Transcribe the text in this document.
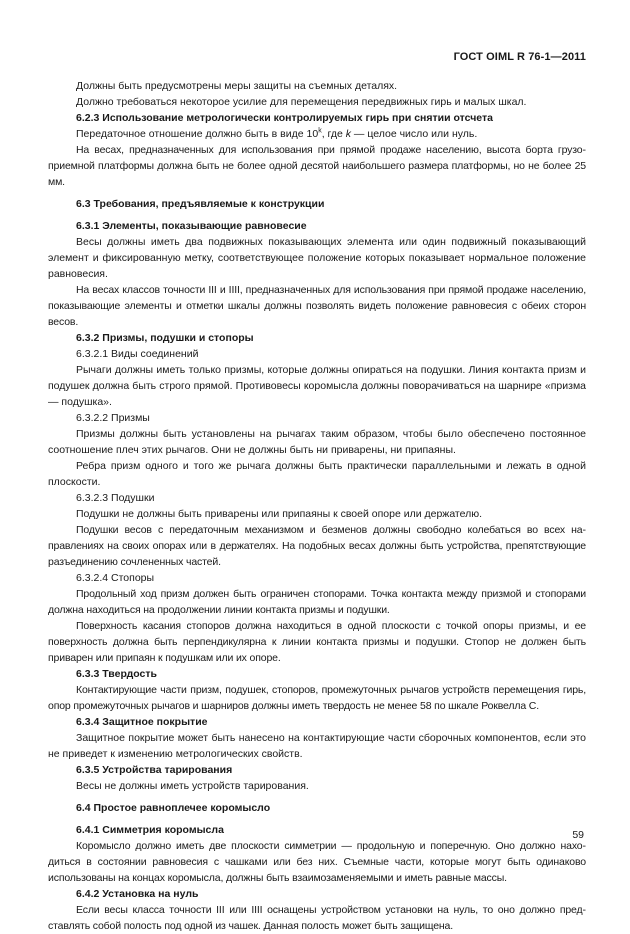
ГОСТ OIML R 76-1—2011

Должны быть предусмотрены меры защиты на съемных деталях.

Должно требоваться некоторое усилие для перемещения передвижных гирь и малых шкал.

6.2.3 Использование метрологически контролируемых гирь при снятии отсчета

Передаточное отношение должно быть в виде 10$^k$, где k — целое число или нуль.

На весах, предназначенных для использования при прямой продаже населению, высота борта грузоприемной платформы должна быть не более одной десятой наибольшего размера платформы, но не более 25 мм.

6.3 Требования, предъявляемые к конструкции

6.3.1 Элементы, показывающие равновесие

Весы должны иметь два подвижных показывающих элемента или один подвижный показывающий элемент и фиксированную метку, соответствующее положение которых показывает нормальное положение равновесия.

На весах классов точности ΙΙΙ и ΙΙΙΙ, предназначенных для использования при прямой продаже населению, показывающие элементы и отметки шкалы должны позволять видеть положение равновесия с обеих сторон весов.

6.3.2 Призмы, подушки и стопоры

6.3.2.1 Виды соединений

Рычаги должны иметь только призмы, которые должны опираться на подушки. Линия контакта призм и подушек должна быть строго прямой. Противовесы коромысла должны поворачиваться на шарнире «призма — подушка».

6.3.2.2 Призмы

Призмы должны быть установлены на рычагах таким образом, чтобы было обеспечено постоянное соотношение плеч этих рычагов. Они не должны быть ни приварены, ни припаяны.

Ребра призм одного и того же рычага должны быть практически параллельными и лежать в одной плоскости.

6.3.2.3 Подушки

Подушки не должны быть приварены или припаяны к своей опоре или держателю.

Подушки весов с передаточным механизмом и безменов должны свободно колебаться во всех направлениях на своих опорах или в держателях. На подобных весах должны быть устройства, препятствующие разъединению сочлененных частей.

6.3.2.4 Стопоры

Продольный ход призм должен быть ограничен стопорами. Точка контакта между призмой и стопорами должна находиться на продолжении линии контакта призмы и подушки.

Поверхность касания стопоров должна находиться в одной плоскости с точкой опоры призмы, и ее поверхность должна быть перпендикулярна к линии контакта призмы и подушки. Стопор не должен быть приварен или припаян к подушкам или их опоре.

6.3.3 Твердость

Контактирующие части призм, подушек, стопоров, промежуточных рычагов устройств перемещения гирь, опор промежуточных рычагов и шарниров должны иметь твердость не менее 58 по шкале Роквелла С.

6.3.4 Защитное покрытие

Защитное покрытие может быть нанесено на контактирующие части сборочных компонентов, если это не приведет к изменению метрологических свойств.

6.3.5 Устройства тарирования

Весы не должны иметь устройств тарирования.

6.4 Простое равноплечее коромысло

6.4.1 Симметрия коромысла

Коромысло должно иметь две плоскости симметрии — продольную и поперечную. Оно должно находиться в состоянии равновесия с чашками или без них. Съемные части, которые могут быть одинаково использованы на концах коромысла, должны быть взаимозаменяемыми и иметь равные массы.

6.4.2 Установка на нуль

Если весы класса точности ΙΙΙ или ΙΙΙΙ оснащены устройством установки на нуль, то оно должно представлять собой полость под одной из чашек. Данная полость может быть защищена.

59
